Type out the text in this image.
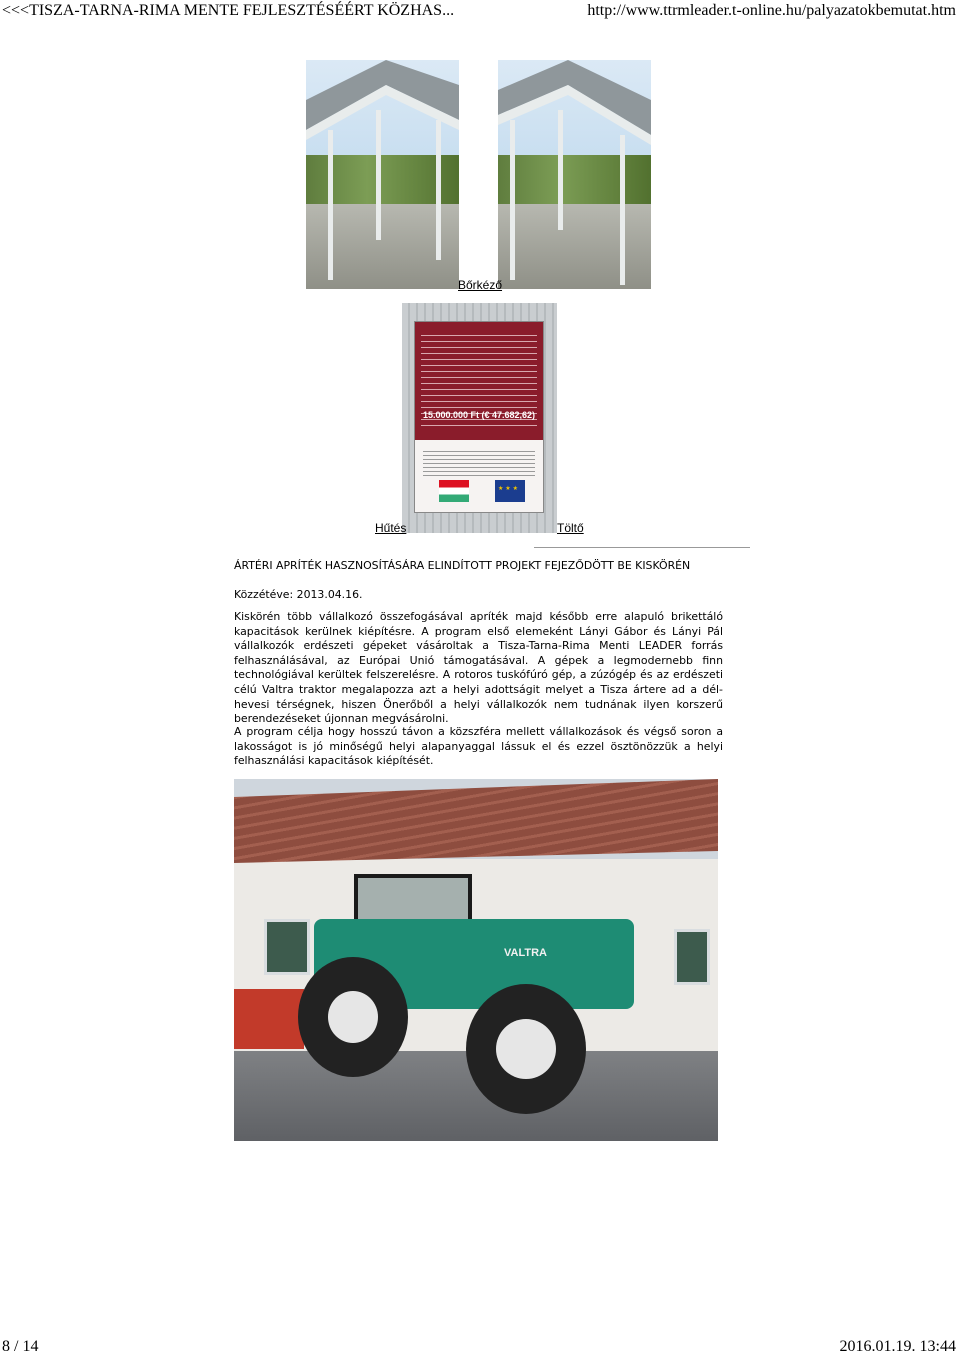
<<<TISZA-TARNA-RIMA MENTE FEJLESZTÉSÉÉRT KÖZHAS...	http://www.ttrmleader.t-online.hu/palyazatokbemutat.htm
Bőrkéző
15.000.000 Ft (€ 47.682,62)
★ ★ ★
Hűtés	Töltő
ÁRTÉRI APRÍTÉK HASZNOSÍTÁSÁRA ELINDÍTOTT PROJEKT FEJEZŐDÖTT BE KISKÖRÉN
Közzétéve: 2013.04.16.
Kiskörén több vállalkozó összefogásával apríték majd később erre alapuló brikettáló kapacitások kerülnek kiépítésre. A program első elemeként Lányi Gábor és Lányi Pál vállalkozók erdészeti gépeket vásároltak a Tisza-Tarna-Rima Menti LEADER forrás felhasználásával, az Európai Unió támogatásával. A gépek a legmodernebb finn technológiával kerültek felszerelésre. A rotoros tuskófúró gép, a zúzógép és az erdészeti célú Valtra traktor megalapozza azt a helyi adottságit melyet a Tisza ártere ad a dél-hevesi térségnek, hiszen Önerőből a helyi vállalkozók nem tudnának ilyen korszerű berendezéseket újonnan megvásárolni.
A program célja hogy hosszú távon a közszféra mellett vállalkozások és végső soron a lakosságot is jó minőségű helyi alapanyaggal lássuk el és ezzel ösztönözzük a helyi felhasználási kapacitások kiépítését.
VALTRA
8 / 14	2016.01.19. 13:44
